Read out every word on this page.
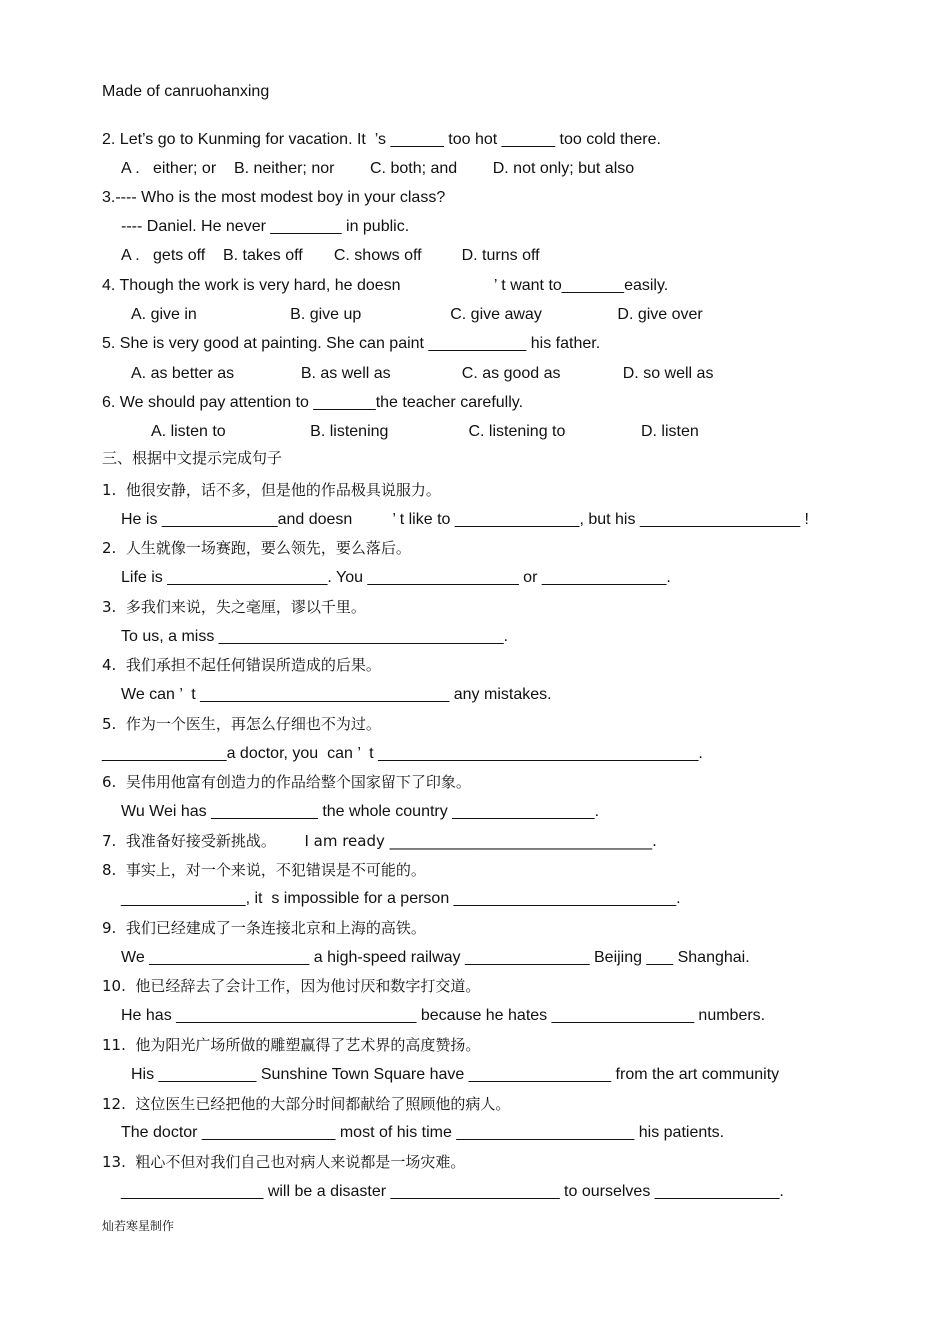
Made of canruohanxing
2. Let’s go to Kunming for vacation. It  ’s ______ too hot ______ too cold there.
A .   either; or    B. neither; nor        C. both; and        D. not only; but also
3.---- Who is the most modest boy in your class?
---- Daniel. He never ________ in public.
A .   gets off    B. takes off       C. shows off         D. turns off
4. Though the work is very hard, he doesn                     ’ t want to_______easily.
A. give in                     B. give up                    C. give away                 D. give over
5. She is very good at painting. She can paint ___________ his father.
A. as better as               B. as well as                C. as good as              D. so well as
6. We should pay attention to _______the teacher carefully.
A. listen to                   B. listening                  C. listening to                 D. listen
三、根据中文提示完成句子
1.  他很安静，话不多，但是他的作品极具说服力。
He is _____________and doesn         ’ t like to ______________, but his __________________ !
2.  人生就像一场赛跑，要么领先，要么落后。
Life is __________________. You _________________ or ______________.
3.  多我们来说，失之毫厘，谬以千里。
To us, a miss ________________________________.
4.  我们承担不起任何错误所造成的后果。
We can ’  t ____________________________ any mistakes.
5.  作为一个医生，再怎么仔细也不为过。
______________a doctor, you  can ’  t ____________________________________.
6.  吴伟用他富有创造力的作品给整个国家留下了印象。
Wu Wei has ____________ the whole country ________________.
7.  我准备好接受新挑战。      I am ready ___________________________________.
8.  事实上，对一个来说，不犯错误是不可能的。
______________, it  s impossible for a person _________________________.
9.  我们已经建成了一条连接北京和上海的高铁。
We __________________ a high-speed railway ______________ Beijing ___ Shanghai.
10.  他已经辞去了会计工作，因为他讨厌和数字打交道。
He has ___________________________ because he hates ________________ numbers.
11.  他为阳光广场所做的雕塑赢得了艺术界的高度赞扬。
His ___________ Sunshine Town Square have ________________ from the art community
12.  这位医生已经把他的大部分时间都献给了照顾他的病人。
The doctor _______________ most of his time ____________________ his patients.
13.  粗心不但对我们自己也对病人来说都是一场灾难。
________________ will be a disaster ___________________ to ourselves ______________.
灿若寒星制作
